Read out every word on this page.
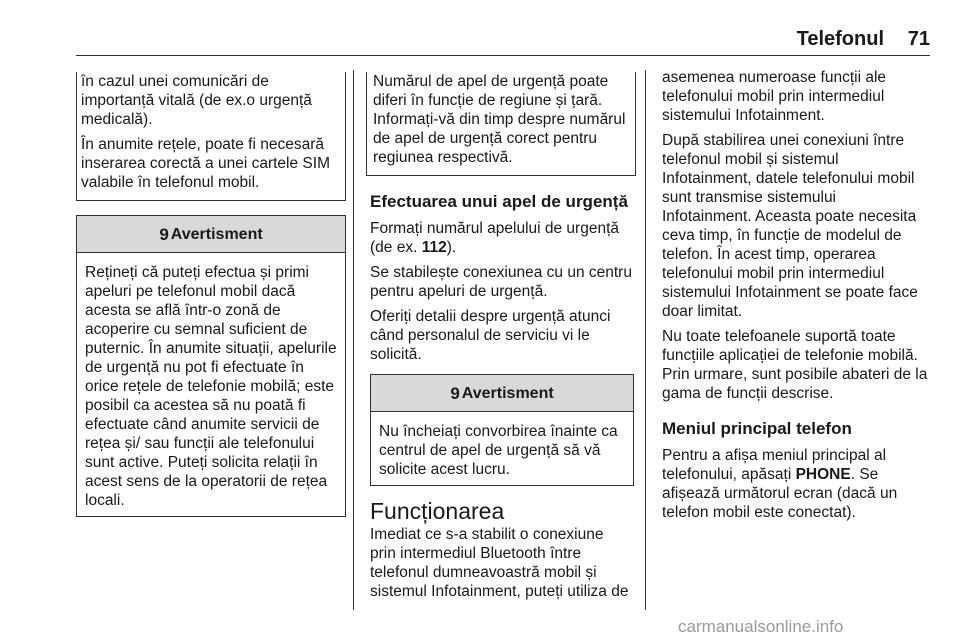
Telefonul 71

în cazul unei comunicări de importanță vitală (de ex.o urgență medicală).

În anumite rețele, poate fi necesară inserarea corectă a unei cartele SIM valabile în telefonul mobil.

9 Avertisment

Rețineți că puteți efectua și primi apeluri pe telefonul mobil dacă acesta se află într-o zonă de acoperire cu semnal suficient de puternic. În anumite situații, apelurile de urgență nu pot fi efectuate în orice rețele de telefonie mobilă; este posibil ca acestea să nu poată fi efectuate când anumite servicii de rețea și/ sau funcții ale telefonului sunt active. Puteți solicita relații în acest sens de la operatorii de rețea locali.

Numărul de apel de urgență poate diferi în funcție de regiune și țară. Informați-vă din timp despre numărul de apel de urgență corect pentru regiunea respectivă.

Efectuarea unui apel de urgență

Formați numărul apelului de urgență (de ex. 112).

Se stabilește conexiunea cu un centru pentru apeluri de urgență.

Oferiți detalii despre urgență atunci când personalul de serviciu vi le solicită.

9 Avertisment

Nu încheiați convorbirea înainte ca centrul de apel de urgență să vă solicite acest lucru.

Funcționarea

Imediat ce s-a stabilit o conexiune prin intermediul Bluetooth între telefonul dumneavoastră mobil și sistemul Infotainment, puteți utiliza de

asemenea numeroase funcții ale telefonului mobil prin intermediul sistemului Infotainment.

După stabilirea unei conexiuni între telefonul mobil și sistemul Infotainment, datele telefonului mobil sunt transmise sistemului Infotainment. Aceasta poate necesita ceva timp, în funcție de modelul de telefon. În acest timp, operarea telefonului mobil prin intermediul sistemului Infotainment se poate face doar limitat.

Nu toate telefoanele suportă toate funcțiile aplicației de telefonie mobilă. Prin urmare, sunt posibile abateri de la gama de funcții descrise.

Meniul principal telefon

Pentru a afișa meniul principal al telefonului, apăsați PHONE. Se afișează următorul ecran (dacă un telefon mobil este conectat).

carmanualsonline.info
